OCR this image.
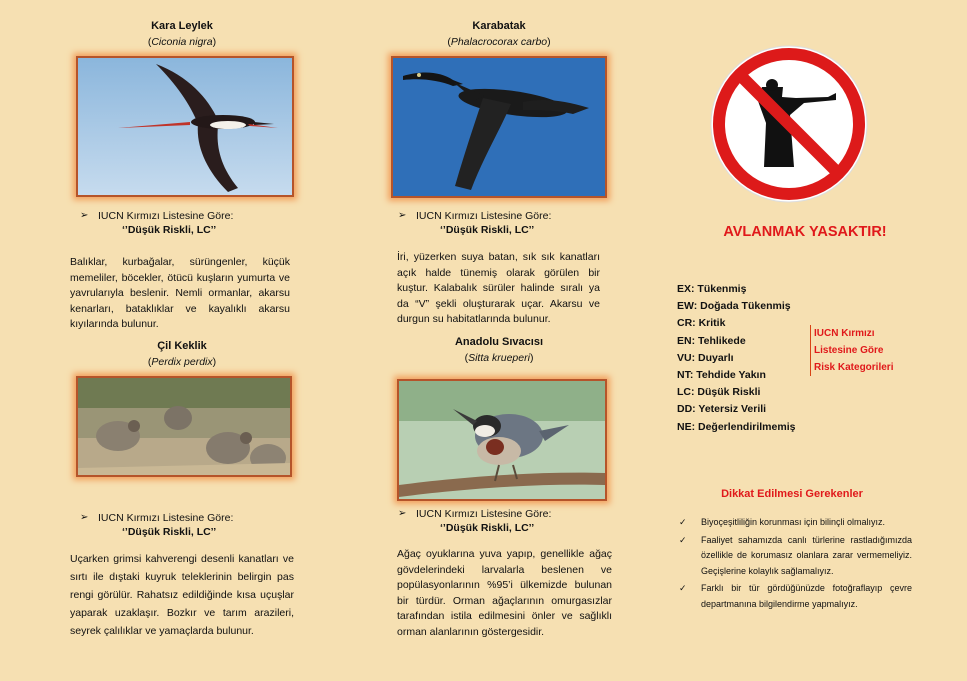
Kara Leylek
(Ciconia nigra)
➢ IUCN Kırmızı Listesine Göre:
‘’Düşük Riskli, LC’’
Balıklar, kurbağalar, sürüngenler, küçük memeliler, böcekler, ötücü kuşların yumurta ve yavrularıyla beslenir. Nemli ormanlar, akarsu kenarları, bataklıklar ve kayalıklı akarsu kıyılarında bulunur.
Çil Keklik
(Perdix perdix)
➢ IUCN Kırmızı Listesine Göre:
‘’Düşük Riskli, LC’’
Uçarken grimsi kahverengi desenli kanatları ve sırtı ile dıştaki kuyruk teleklerinin belirgin pas rengi görülür. Rahatsız edildiğinde kısa uçuşlar yaparak uzaklaşır. Bozkır ve tarım arazileri, seyrek çalılıklar ve yamaçlarda bulunur.
Karabatak
(Phalacrocorax carbo)
➢ IUCN Kırmızı Listesine Göre:
‘’Düşük Riskli, LC’’
İri, yüzerken suya batan, sık sık kanatları açık halde tünemiş olarak görülen bir kuştur. Kalabalık sürüler halinde sıralı ya da “V” şekli oluşturarak uçar. Akarsu ve durgun su habitatlarında bulunur.
Anadolu Sıvacısı
(Sitta krueperi)
➢ IUCN Kırmızı Listesine Göre:
‘’Düşük Riskli, LC’’
Ağaç oyuklarına yuva yapıp, genellikle ağaç gövdelerindeki larvalarla beslenen ve popülasyonlarının %95’i ülkemizde bulunan bir türdür. Orman ağaçlarının omurgasızlar tarafından istila edilmesini önler ve sağlıklı orman alanlarının göstergesidir.
AVLANMAK YASAKTIR!
EX: Tükenmiş
EW: Doğada Tükenmiş
CR: Kritik
EN: Tehlikede
VU: Duyarlı
NT: Tehdide Yakın
LC: Düşük Riskli
DD: Yetersiz Verili
NE: Değerlendirilmemiş
IUCN Kırmızı
Listesine Göre
Risk Kategorileri
Dikkat Edilmesi Gerekenler
✓ Biyoçeşitliliğin korunması için bilinçli olmalıyız.
✓ Faaliyet sahamızda canlı türlerine rastladığımızda özellikle de korumasız olanlara zarar vermemeliyiz. Geçişlerine kolaylık sağlamalıyız.
✓ Farklı bir tür gördüğünüzde fotoğraflayıp çevre departmanına bilgilendirme yapmalıyız.
